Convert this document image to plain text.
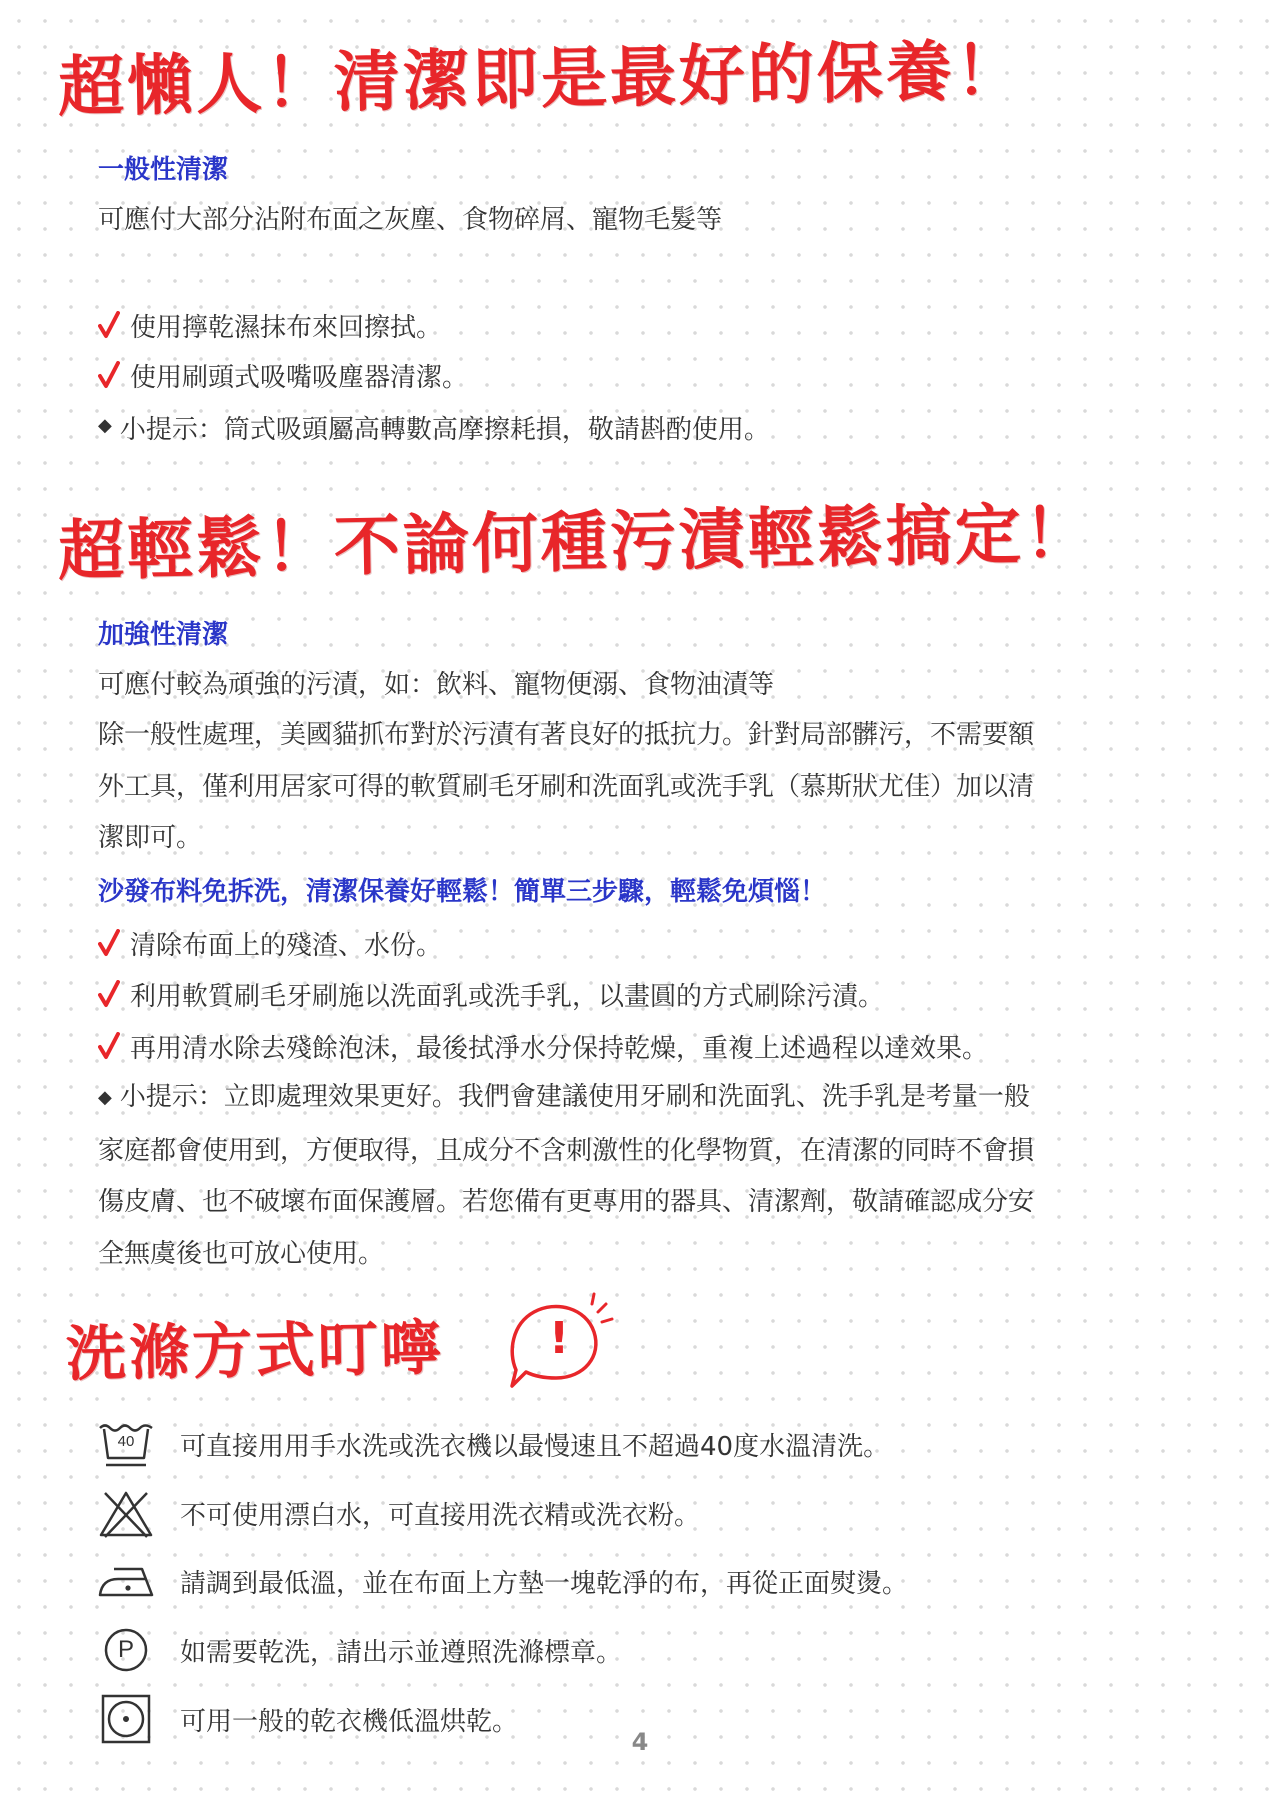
超懶人！清潔即是最好的保養！
一般性清潔
可應付大部分沾附布面之灰塵、食物碎屑、寵物毛髮等
使用擰乾濕抹布來回擦拭。
使用刷頭式吸嘴吸塵器清潔。
◆ 小提示：筒式吸頭屬高轉數高摩擦耗損，敬請斟酌使用。
超輕鬆！不論何種污漬輕鬆搞定！
加強性清潔
可應付較為頑強的污漬，如：飲料、寵物便溺、食物油漬等
除一般性處理，美國貓抓布對於污漬有著良好的抵抗力。針對局部髒污，不需要額
外工具，僅利用居家可得的軟質刷毛牙刷和洗面乳或洗手乳（慕斯狀尤佳）加以清
潔即可。
沙發布料免拆洗，清潔保養好輕鬆！簡單三步驟，輕鬆免煩惱！
清除布面上的殘渣、水份。
利用軟質刷毛牙刷施以洗面乳或洗手乳，以畫圓的方式刷除污漬。
再用清水除去殘餘泡沫，最後拭淨水分保持乾燥，重複上述過程以達效果。
◆ 小提示：立即處理效果更好。我們會建議使用牙刷和洗面乳、洗手乳是考量一般
家庭都會使用到，方便取得，且成分不含刺激性的化學物質，在清潔的同時不會損
傷皮膚、也不破壞布面保護層。若您備有更專用的器具、清潔劑，敬請確認成分安
全無虞後也可放心使用。
洗滌方式叮嚀 !
40 可直接用用手水洗或洗衣機以最慢速且不超過40度水溫清洗。
不可使用漂白水，可直接用洗衣精或洗衣粉。
請調到最低溫，並在布面上方墊一塊乾淨的布，再從正面熨燙。
P	如需要乾洗，請出示並遵照洗滌標章。
可用一般的乾衣機低溫烘乾。
4
